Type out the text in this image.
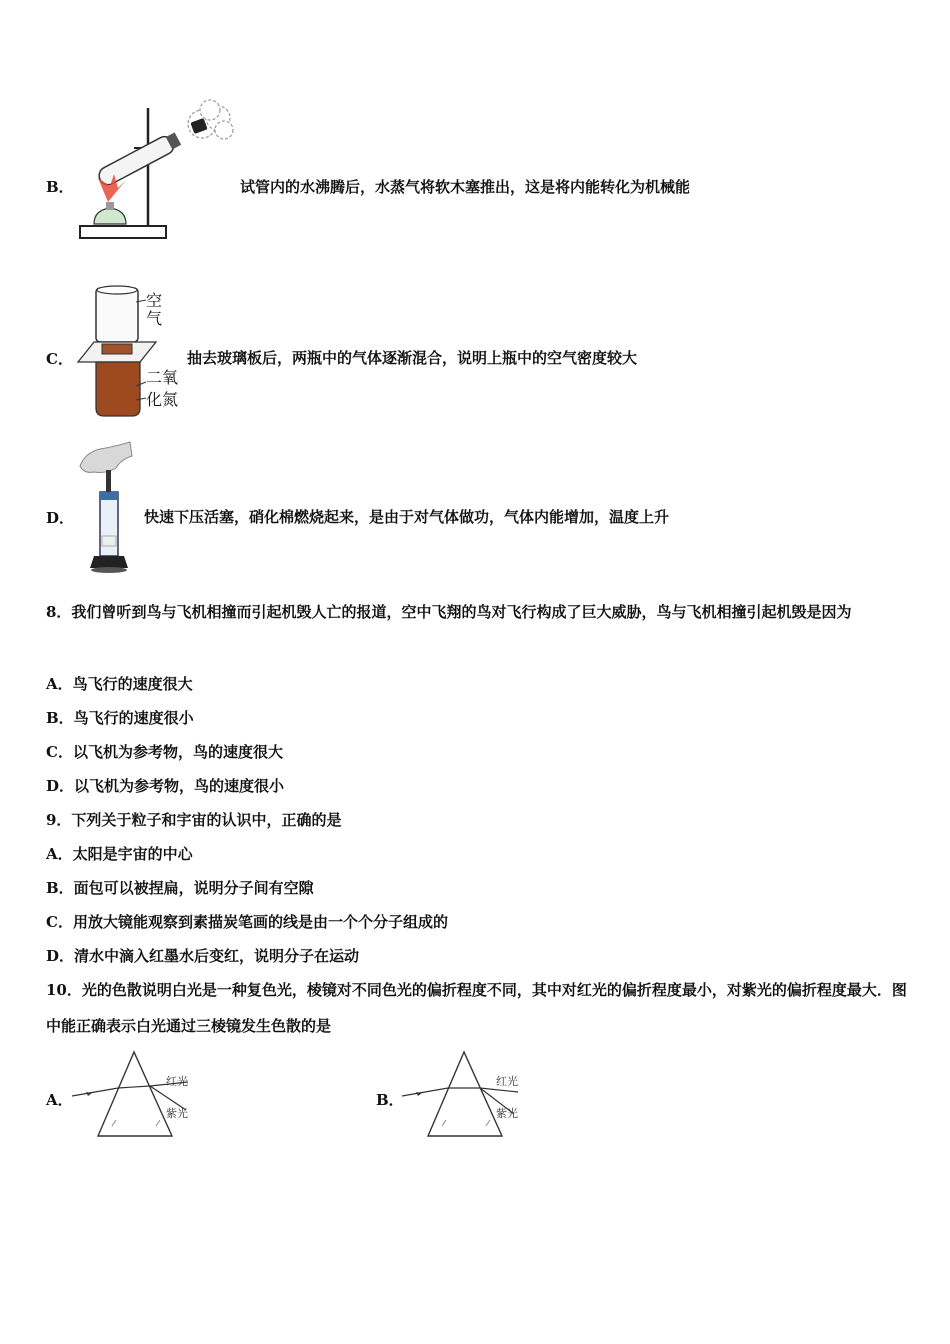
B．	试管内的水沸腾后，水蒸气将软木塞推出，这是将内能转化为机械能
C．
空
气
二氧
化氮
抽去玻璃板后，两瓶中的气体逐渐混合，说明上瓶中的空气密度较大
D．	快速下压活塞，硝化棉燃烧起来，是由于对气体做功，气体内能增加，温度上升
8．我们曾听到鸟与飞机相撞而引起机毁人亡的报道，空中飞翔的鸟对飞行构成了巨大威胁，鸟与飞机相撞引起机毁是因为
A．鸟飞行的速度很大
B．鸟飞行的速度很小
C．以飞机为参考物，鸟的速度很大
D．以飞机为参考物，鸟的速度很小
9．下列关于粒子和宇宙的认识中，正确的是
A．太阳是宇宙的中心
B．面包可以被捏扁，说明分子间有空隙
C．用放大镜能观察到素描炭笔画的线是由一个个分子组成的
D．清水中滴入红墨水后变红，说明分子在运动
10．光的色散说明白光是一种复色光，棱镜对不同色光的偏折程度不同，其中对红光的偏折程度最小，对紫光的偏折程度最大．图中能正确表示白光通过三棱镜发生色散的是
A．
红光
紫光
B．
红光
紫光
